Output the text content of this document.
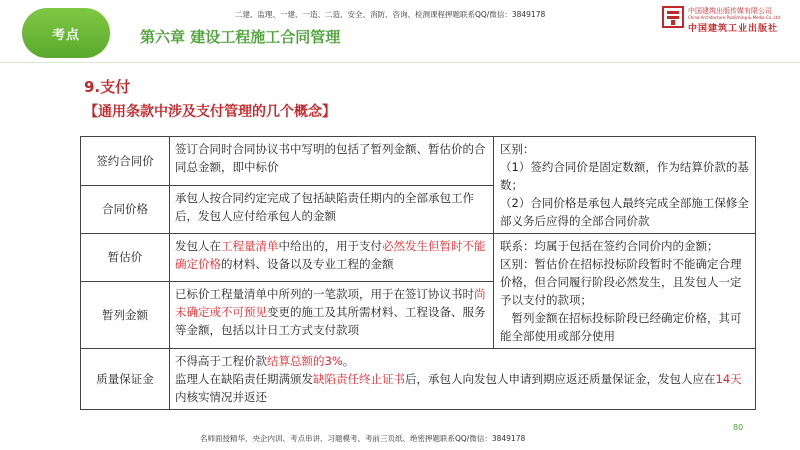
考点
二建、监理、一建、一造、二造、安全、消防、咨询、检测课程押题联系QQ/微信：3849178
第六章 建设工程施工合同管理
中国建筑出版传媒有限公司
China Architecture Publishing & Media Co.,Ltd.
中国建筑工业出版社
9.支付
【通用条款中涉及支付管理的几个概念】
签约合同价	签订合同时合同协议书中写明的包括了暂列金额、暂估价的合同总金额，即中标价	区别：
（1）签约合同价是固定数额，作为结算价款的基数；
（2）合同价格是承包人最终完成全部施工保修全部义务后应得的全部合同价款

合同价格	承包人按合同约定完成了包括缺陷责任期内的全部承包工作后，发包人应付给承包人的金额	
暂估价	发包人在工程量清单中给出的，用于支付必然发生但暂时不能确定价格的材料、设备以及专业工程的金额	联系：均属于包括在签约合同价内的金额；
区别：暂估价在招标投标阶段暂时不能确定合理价格，但合同履行阶段必然发生，且发包人一定予以支付的款项；
暂列金额在招标投标阶段已经确定价格，其可能全部使用或部分使用

暂列金额	已标价工程量清单中所列的一笔款项，用于在签订协议书时尚未确定或不可预见变更的施工及其所需材料、工程设备、服务等金额，包括以计日工方式支付款项	
质量保证金	不得高于工程价款结算总额的3%。
监理人在缺陷责任期满颁发缺陷责任终止证书后，承包人向发包人申请到期应返还质量保证金，发包人应在14天内核实情况并返还	
80
名师面授精华、央企内训、考点串讲、习题模考、考前三页纸、绝密押题联系QQ/微信：3849178
